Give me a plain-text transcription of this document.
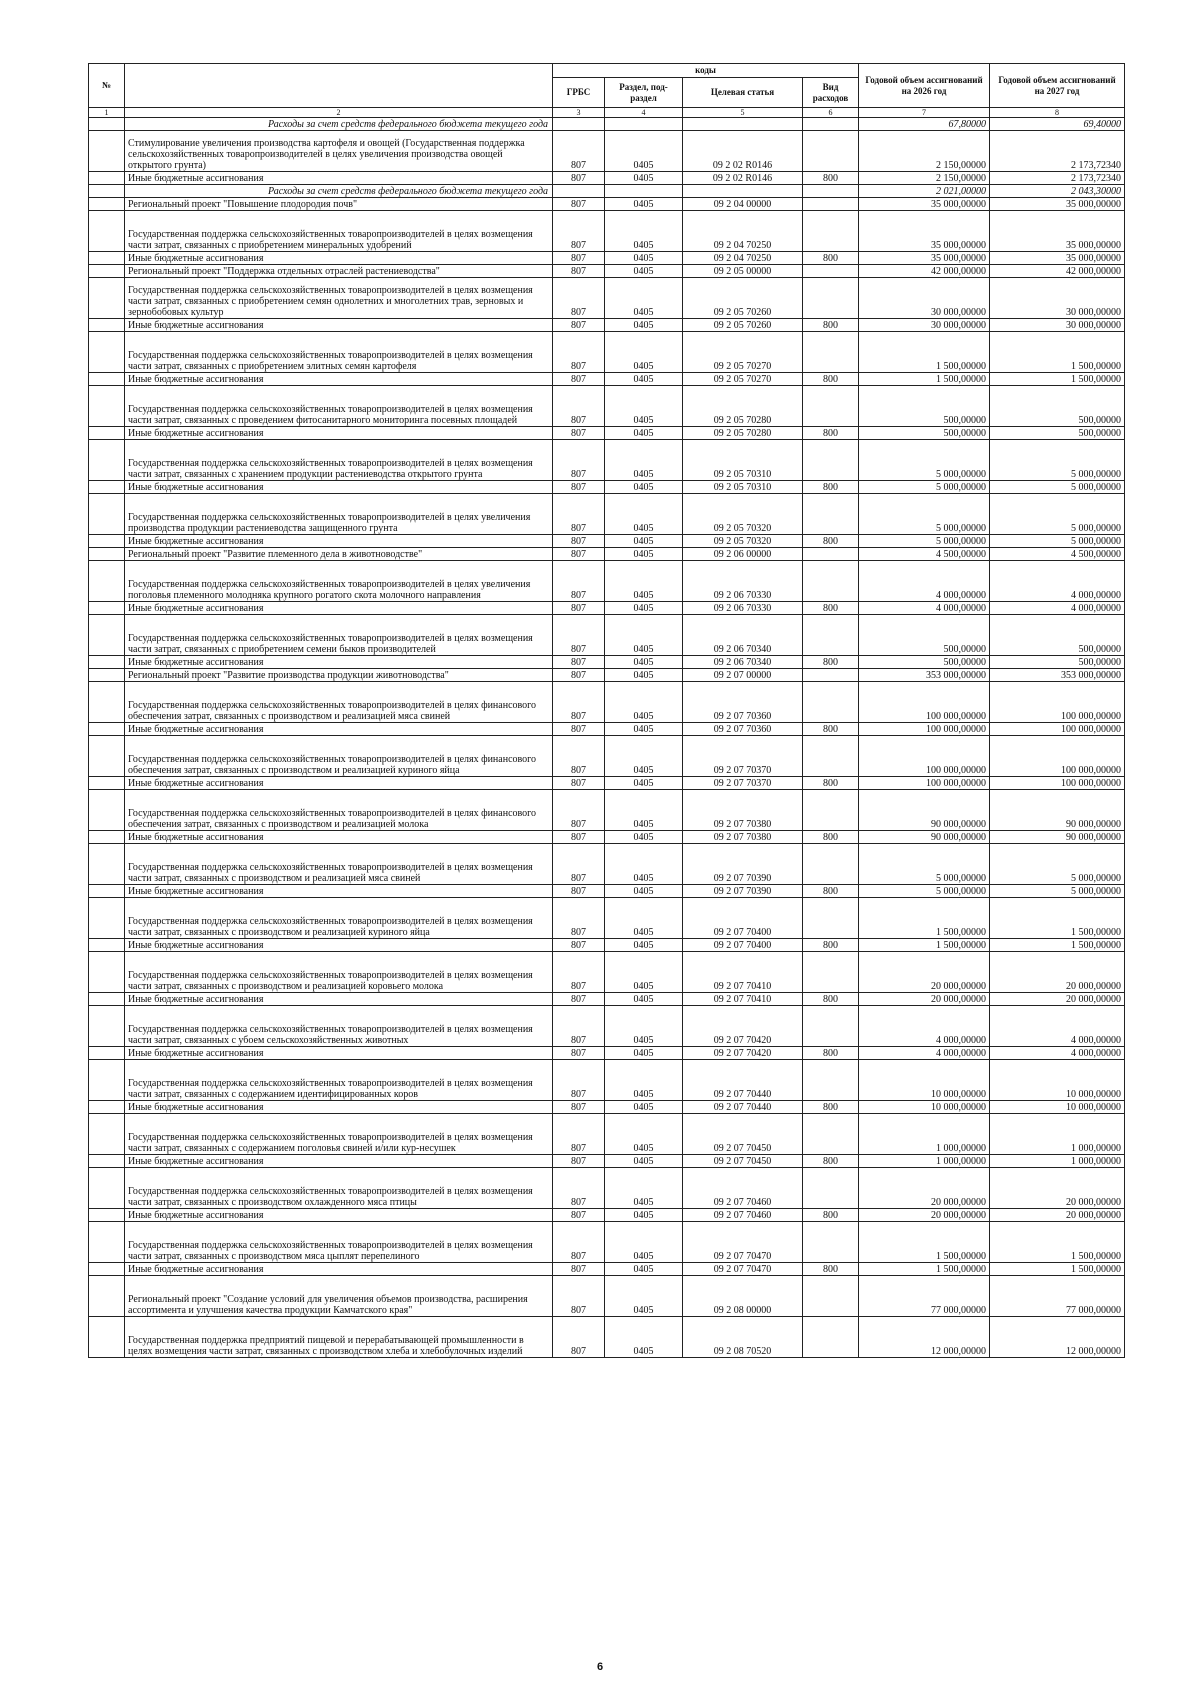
№		коды				Годовой объем ассигнований на 2026 год	Годовой объем ассигнований на 2027 год
		ГРБС	Раздел, под-раздел	Целевая статья	Вид расходов		
1	2	3	4	5	6	7	8
	Расходы за счет средств федерального бюджета текущего года					67,80000	69,40000
	Стимулирование увеличения производства картофеля и овощей (Государственная поддержка сельскохозяйственных товаропроизводителей в целях увеличения производства овощей открытого грунта)	807	0405	09 2 02 R0146		2 150,00000	2 173,72340
	Иные бюджетные ассигнования	807	0405	09 2 02 R0146	800	2 150,00000	2 173,72340
	Расходы за счет средств федерального бюджета текущего года					2 021,00000	2 043,30000
	Региональный проект "Повышение плодородия почв"	807	0405	09 2 04 00000		35 000,00000	35 000,00000
	Государственная поддержка сельскохозяйственных товаропроизводителей в целях возмещения части затрат, связанных с приобретением минеральных удобрений	807	0405	09 2 04 70250		35 000,00000	35 000,00000
	Иные бюджетные ассигнования	807	0405	09 2 04 70250	800	35 000,00000	35 000,00000
	Региональный проект "Поддержка отдельных отраслей растениеводства"	807	0405	09 2 05 00000		42 000,00000	42 000,00000
	Государственная поддержка сельскохозяйственных товаропроизводителей в целях возмещения части затрат, связанных с приобретением семян однолетних и многолетних трав, зерновых и зернобобовых культур	807	0405	09 2 05 70260		30 000,00000	30 000,00000
	Иные бюджетные ассигнования	807	0405	09 2 05 70260	800	30 000,00000	30 000,00000
	Государственная поддержка сельскохозяйственных товаропроизводителей в целях возмещения части затрат, связанных с приобретением элитных семян картофеля	807	0405	09 2 05 70270		1 500,00000	1 500,00000
	Иные бюджетные ассигнования	807	0405	09 2 05 70270	800	1 500,00000	1 500,00000
	Государственная поддержка сельскохозяйственных товаропроизводителей в целях возмещения части затрат, связанных с проведением фитосанитарного мониторинга посевных площадей	807	0405	09 2 05 70280		500,00000	500,00000
	Иные бюджетные ассигнования	807	0405	09 2 05 70280	800	500,00000	500,00000
	Государственная поддержка сельскохозяйственных товаропроизводителей в целях возмещения части затрат, связанных с хранением продукции растениеводства открытого грунта	807	0405	09 2 05 70310		5 000,00000	5 000,00000
	Иные бюджетные ассигнования	807	0405	09 2 05 70310	800	5 000,00000	5 000,00000
	Государственная поддержка сельскохозяйственных товаропроизводителей в целях увеличения производства продукции растениеводства защищенного грунта	807	0405	09 2 05 70320		5 000,00000	5 000,00000
	Иные бюджетные ассигнования	807	0405	09 2 05 70320	800	5 000,00000	5 000,00000
	Региональный проект "Развитие племенного дела в животноводстве"	807	0405	09 2 06 00000		4 500,00000	4 500,00000
	Государственная поддержка сельскохозяйственных товаропроизводителей в целях увеличения поголовья племенного молодняка крупного рогатого скота молочного направления	807	0405	09 2 06 70330		4 000,00000	4 000,00000
	Иные бюджетные ассигнования	807	0405	09 2 06 70330	800	4 000,00000	4 000,00000
	Государственная поддержка сельскохозяйственных товаропроизводителей в целях возмещения части затрат, связанных с приобретением семени быков производителей	807	0405	09 2 06 70340		500,00000	500,00000
	Иные бюджетные ассигнования	807	0405	09 2 06 70340	800	500,00000	500,00000
	Региональный проект "Развитие производства продукции животноводства"	807	0405	09 2 07 00000		353 000,00000	353 000,00000
	Государственная поддержка сельскохозяйственных товаропроизводителей в целях финансового обеспечения затрат, связанных с производством и реализацией мяса свиней	807	0405	09 2 07 70360		100 000,00000	100 000,00000
	Иные бюджетные ассигнования	807	0405	09 2 07 70360	800	100 000,00000	100 000,00000
	Государственная поддержка сельскохозяйственных товаропроизводителей в целях финансового обеспечения затрат, связанных с производством и реализацией куриного яйца	807	0405	09 2 07 70370		100 000,00000	100 000,00000
	Иные бюджетные ассигнования	807	0405	09 2 07 70370	800	100 000,00000	100 000,00000
	Государственная поддержка сельскохозяйственных товаропроизводителей в целях финансового обеспечения затрат, связанных с производством и реализацией молока	807	0405	09 2 07 70380		90 000,00000	90 000,00000
	Иные бюджетные ассигнования	807	0405	09 2 07 70380	800	90 000,00000	90 000,00000
	Государственная поддержка сельскохозяйственных товаропроизводителей в целях возмещения части затрат, связанных с производством и реализацией мяса свиней	807	0405	09 2 07 70390		5 000,00000	5 000,00000
	Иные бюджетные ассигнования	807	0405	09 2 07 70390	800	5 000,00000	5 000,00000
	Государственная поддержка сельскохозяйственных товаропроизводителей в целях возмещения части затрат, связанных с производством и реализацией куриного яйца	807	0405	09 2 07 70400		1 500,00000	1 500,00000
	Иные бюджетные ассигнования	807	0405	09 2 07 70400	800	1 500,00000	1 500,00000
	Государственная поддержка сельскохозяйственных товаропроизводителей в целях возмещения части затрат, связанных с производством и реализацией коровьего молока	807	0405	09 2 07 70410		20 000,00000	20 000,00000
	Иные бюджетные ассигнования	807	0405	09 2 07 70410	800	20 000,00000	20 000,00000
	Государственная поддержка сельскохозяйственных товаропроизводителей в целях возмещения части затрат, связанных с убоем сельскохозяйственных животных	807	0405	09 2 07 70420		4 000,00000	4 000,00000
	Иные бюджетные ассигнования	807	0405	09 2 07 70420	800	4 000,00000	4 000,00000
	Государственная поддержка сельскохозяйственных товаропроизводителей в целях возмещения части затрат, связанных с содержанием идентифицированных коров	807	0405	09 2 07 70440		10 000,00000	10 000,00000
	Иные бюджетные ассигнования	807	0405	09 2 07 70440	800	10 000,00000	10 000,00000
	Государственная поддержка сельскохозяйственных товаропроизводителей в целях возмещения части затрат, связанных с содержанием поголовья свиней и/или кур-несушек	807	0405	09 2 07 70450		1 000,00000	1 000,00000
	Иные бюджетные ассигнования	807	0405	09 2 07 70450	800	1 000,00000	1 000,00000
	Государственная поддержка сельскохозяйственных товаропроизводителей в целях возмещения части затрат, связанных с производством охлажденного мяса птицы	807	0405	09 2 07 70460		20 000,00000	20 000,00000
	Иные бюджетные ассигнования	807	0405	09 2 07 70460	800	20 000,00000	20 000,00000
	Государственная поддержка сельскохозяйственных товаропроизводителей в целях возмещения части затрат, связанных с производством мяса цыплят перепелиного	807	0405	09 2 07 70470		1 500,00000	1 500,00000
	Иные бюджетные ассигнования	807	0405	09 2 07 70470	800	1 500,00000	1 500,00000
	Региональный проект "Создание условий для увеличения объемов производства, расширения ассортимента и улучшения качества продукции Камчатского края"	807	0405	09 2 08 00000		77 000,00000	77 000,00000
	Государственная поддержка предприятий пищевой и перерабатывающей промышленности в целях возмещения части затрат, связанных с производством хлеба и хлебобулочных изделий	807	0405	09 2 08 70520		12 000,00000	12 000,00000
6
